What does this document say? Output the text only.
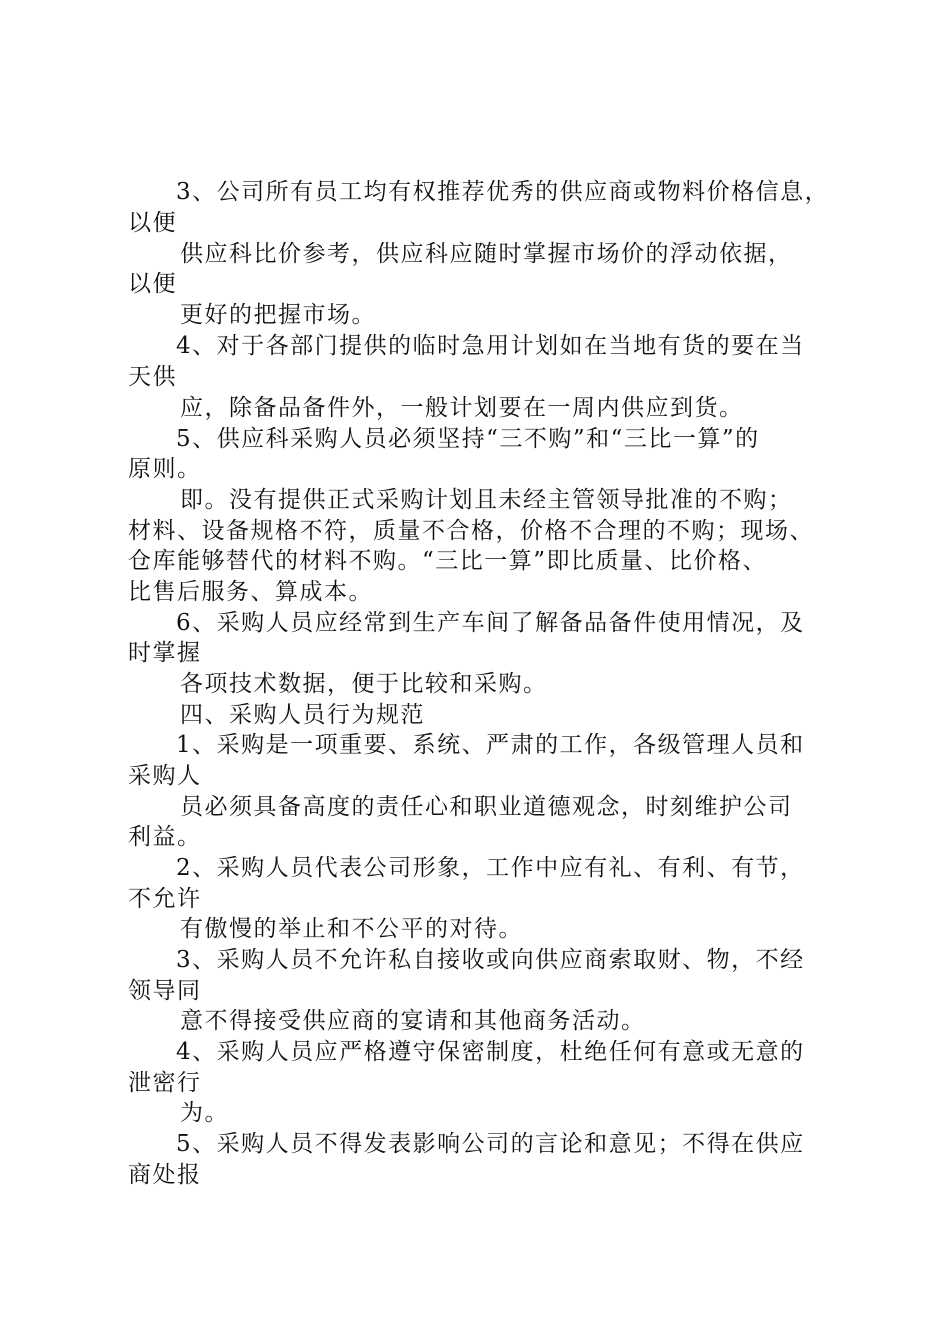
3、公司所有员工均有权推荐优秀的供应商或物料价格信息，
以便
供应科比价参考，供应科应随时掌握市场价的浮动依据，
以便
更好的把握市场。
4、对于各部门提供的临时急用计划如在当地有货的要在当
天供
应，除备品备件外，一般计划要在一周内供应到货。
5、供应科采购人员必须坚持“三不购”和“三比一算”的
原则。
即。没有提供正式采购计划且未经主管领导批准的不购；
材料、设备规格不符，质量不合格，价格不合理的不购；现场、
仓库能够替代的材料不购。“三比一算”即比质量、比价格、
比售后服务、算成本。
6、采购人员应经常到生产车间了解备品备件使用情况，及
时掌握
各项技术数据，便于比较和采购。
四、采购人员行为规范
1、采购是一项重要、系统、严肃的工作，各级管理人员和
采购人
员必须具备高度的责任心和职业道德观念，时刻维护公司
利益。
2、采购人员代表公司形象，工作中应有礼、有利、有节，
不允许
有傲慢的举止和不公平的对待。
3、采购人员不允许私自接收或向供应商索取财、物，不经
领导同
意不得接受供应商的宴请和其他商务活动。
4、采购人员应严格遵守保密制度，杜绝任何有意或无意的
泄密行
为。
5、采购人员不得发表影响公司的言论和意见；不得在供应
商处报
